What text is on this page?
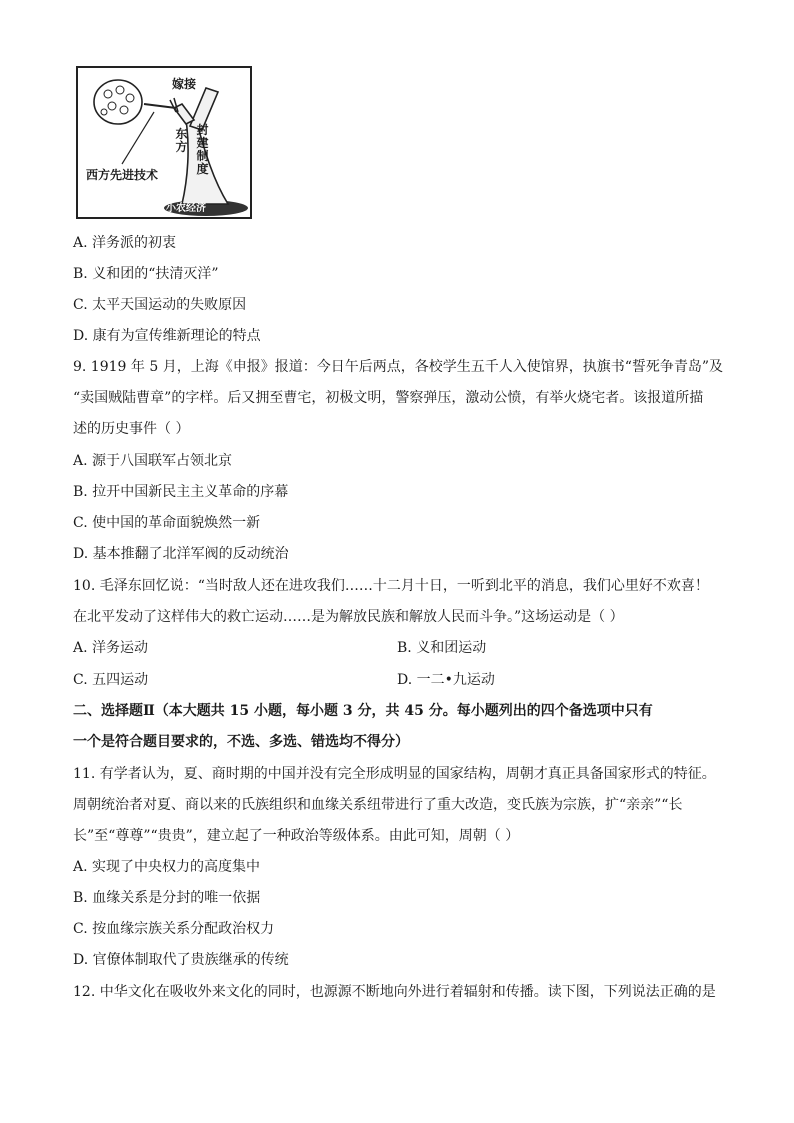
嫁接
东方
封建制度
西方先进技术
小农经济
A. 洋务派的初衷
B. 义和团的“扶清灭洋”
C. 太平天国运动的失败原因
D. 康有为宣传维新理论的特点
9. 1919 年 5 月，上海《申报》报道：今日午后两点，各校学生五千人入使馆界，执旗书“誓死争青岛”及
“卖国贼陆曹章”的字样。后又拥至曹宅，初极文明，警察弹压，激动公愤，有举火烧宅者。该报道所描
述的历史事件（ ）
A. 源于八国联军占领北京
B. 拉开中国新民主主义革命的序幕
C. 使中国的革命面貌焕然一新
D. 基本推翻了北洋军阀的反动统治
10. 毛泽东回忆说：“当时敌人还在进攻我们……十二月十日，一听到北平的消息，我们心里好不欢喜！
在北平发动了这样伟大的救亡运动……是为解放民族和解放人民而斗争。”这场运动是（ ）
A. 洋务运动	B. 义和团运动
C. 五四运动	D. 一二•九运动
二、选择题Ⅱ（本大题共 15 小题，每小题 3 分，共 45 分。每小题列出的四个备选项中只有
一个是符合题目要求的，不选、多选、错选均不得分）
11. 有学者认为，夏、商时期的中国并没有完全形成明显的国家结构，周朝才真正具备国家形式的特征。
周朝统治者对夏、商以来的氏族组织和血缘关系纽带进行了重大改造，变氏族为宗族，扩“亲亲”“长
长”至“尊尊”“贵贵”，建立起了一种政治等级体系。由此可知，周朝（ ）
A. 实现了中央权力的高度集中
B. 血缘关系是分封的唯一依据
C. 按血缘宗族关系分配政治权力
D. 官僚体制取代了贵族继承的传统
12. 中华文化在吸收外来文化的同时，也源源不断地向外进行着辐射和传播。读下图，下列说法正确的是
